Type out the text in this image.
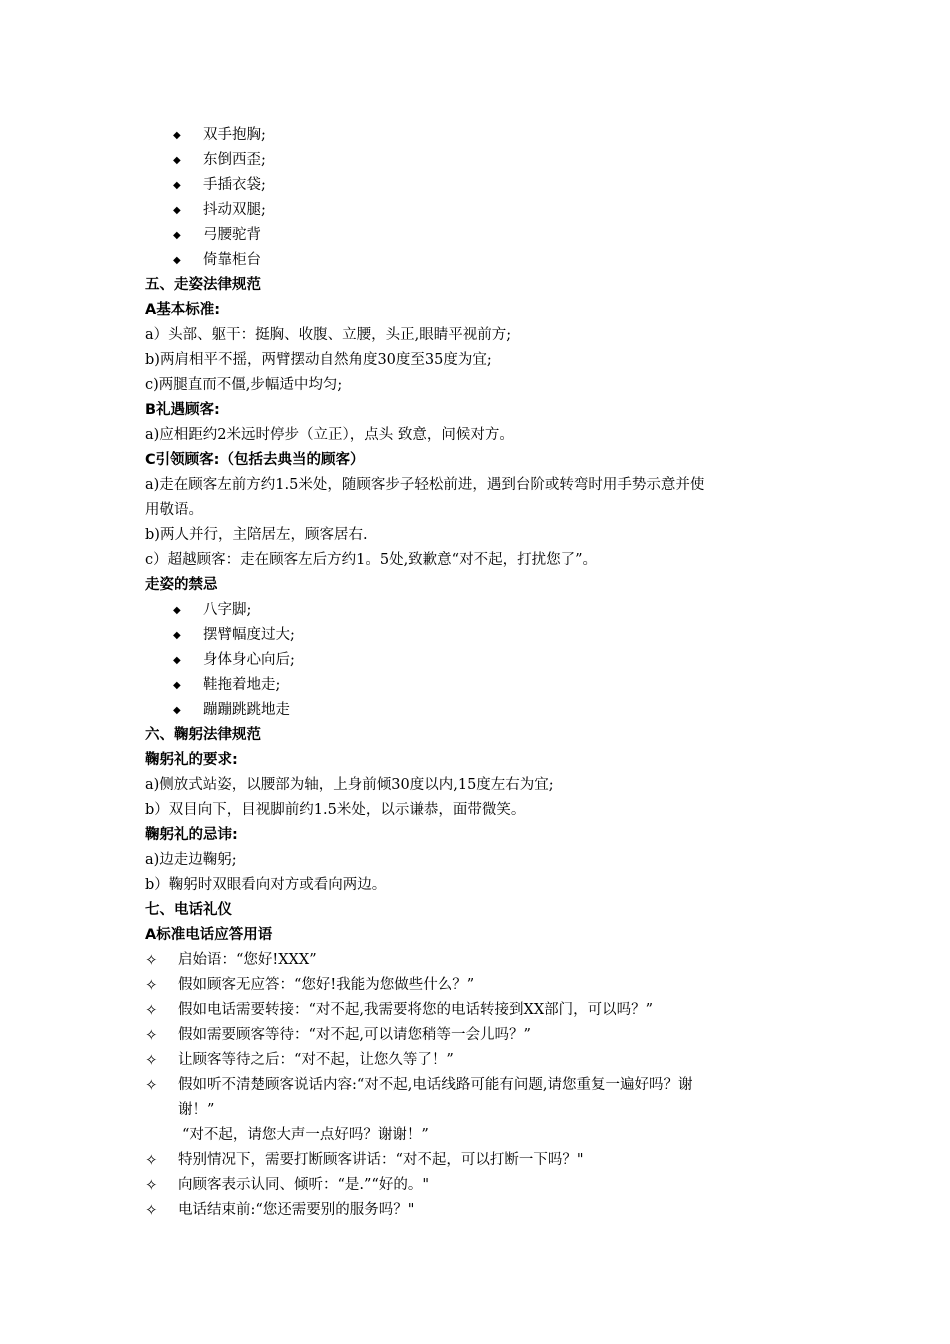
◆	双手抱胸;
◆	东倒西歪;
◆	手插衣袋;
◆	抖动双腿;
◆	弓腰驼背
◆	倚靠柜台
五、走姿法律规范
A基本标准:
a）头部、躯干：挺胸、收腹、立腰，头正,眼睛平视前方;
b)两肩相平不摇，两臂摆动自然角度30度至35度为宜;
c)两腿直而不僵,步幅适中均匀;
B礼遇顾客:
a)应相距约2米远时停步（立正），点头 致意，问候对方。
C引领顾客:（包括去典当的顾客）
a)走在顾客左前方约1.5米处，随顾客步子轻松前进，遇到台阶或转弯时用手势示意并使
用敬语。
b)两人并行，主陪居左，顾客居右.
c）超越顾客：走在顾客左后方约1。5处,致歉意“对不起，打扰您了”。
走姿的禁忌
◆	八字脚;
◆	摆臂幅度过大;
◆	身体身心向后;
◆	鞋拖着地走;
◆	蹦蹦跳跳地走
六、鞠躬法律规范
鞠躬礼的要求:
a)侧放式站姿，以腰部为轴，上身前倾30度以内,15度左右为宜;
b）双目向下，目视脚前约1.5米处，以示谦恭，面带微笑。
鞠躬礼的忌讳:
a)边走边鞠躬;
b）鞠躬时双眼看向对方或看向两边。
七、电话礼仪
A标准电话应答用语
✧ 启始语：“您好!XXX”
✧ 假如顾客无应答：“您好!我能为您做些什么？”
✧ 假如电话需要转接：“对不起,我需要将您的电话转接到XX部门，可以吗？”
✧ 假如需要顾客等待：“对不起,可以请您稍等一会儿吗？”
✧ 让顾客等待之后：“对不起，让您久等了！”
✧ 假如听不清楚顾客说话内容:“对不起,电话线路可能有问题,请您重复一遍好吗？谢
谢！”
“对不起，请您大声一点好吗？谢谢！”
✧ 特别情况下，需要打断顾客讲话：“对不起，可以打断一下吗？"
✧ 向顾客表示认同、倾听：“是.”“好的。"
✧ 电话结束前:“您还需要别的服务吗？"
